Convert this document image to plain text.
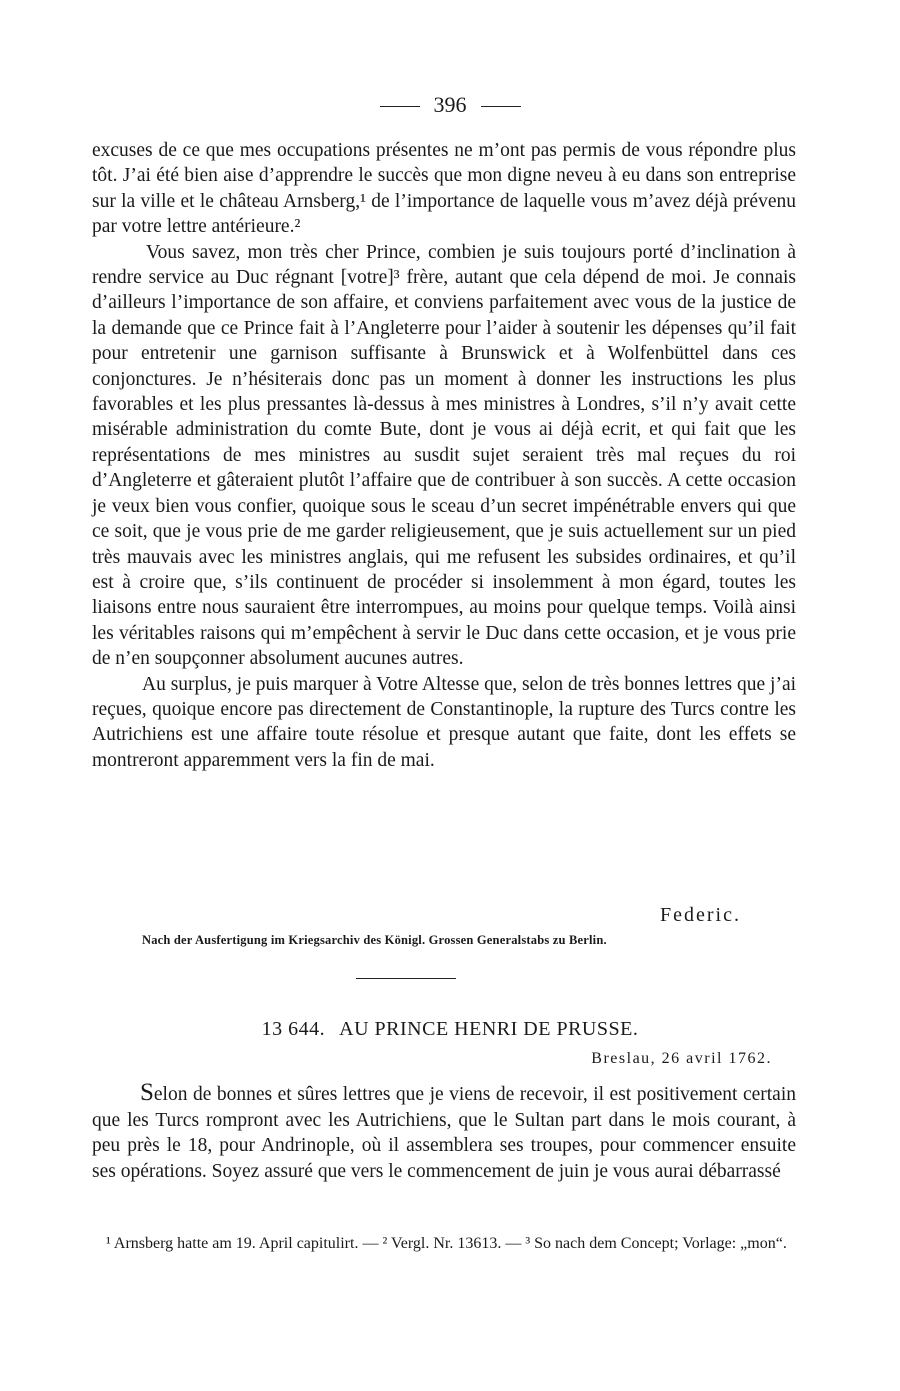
396

excuses de ce que mes occupations présentes ne m’ont pas permis de vous répondre plus tôt. J’ai été bien aise d’apprendre le succès que mon digne neveu à eu dans son entreprise sur la ville et le château Arnsberg,¹ de l’importance de laquelle vous m’avez déjà prévenu par votre lettre antérieure.²

Vous savez, mon très cher Prince, combien je suis toujours porté d’inclination à rendre service au Duc régnant [votre]³ frère, autant que cela dépend de moi. Je connais d’ailleurs l’importance de son affaire, et conviens parfaitement avec vous de la justice de la demande que ce Prince fait à l’Angleterre pour l’aider à soutenir les dépenses qu’il fait pour entretenir une garnison suffisante à Brunswick et à Wolfenbüttel dans ces conjonctures. Je n’hésiterais donc pas un moment à donner les instructions les plus favorables et les plus pressantes là-dessus à mes ministres à Londres, s’il n’y avait cette misérable administration du comte Bute, dont je vous ai déjà ecrit, et qui fait que les représentations de mes ministres au susdit sujet seraient très mal reçues du roi d’Angleterre et gâteraient plutôt l’affaire que de contribuer à son succès. A cette occasion je veux bien vous confier, quoique sous le sceau d’un secret impénétrable envers qui que ce soit, que je vous prie de me garder religieusement, que je suis actuellement sur un pied très mauvais avec les ministres anglais, qui me refusent les subsides ordinaires, et qu’il est à croire que, s’ils continuent de procéder si insolemment à mon égard, toutes les liaisons entre nous sauraient être interrompues, au moins pour quelque temps. Voilà ainsi les véritables raisons qui m’empêchent à servir le Duc dans cette occasion, et je vous prie de n’en soupçonner absolument aucunes autres.

Au surplus, je puis marquer à Votre Altesse que, selon de très bonnes lettres que j’ai reçues, quoique encore pas directement de Constantinople, la rupture des Turcs contre les Autrichiens est une affaire toute résolue et presque autant que faite, dont les effets se montreront apparemment vers la fin de mai.

Federic.
Nach der Ausfertigung im Kriegsarchiv des Königl. Grossen Generalstabs zu Berlin.
13 644. AU PRINCE HENRI DE PRUSSE.
Breslau, 26 avril 1762.

Selon de bonnes et sûres lettres que je viens de recevoir, il est positivement certain que les Turcs rompront avec les Autrichiens, que le Sultan part dans le mois courant, à peu près le 18, pour Andrinople, où il assemblera ses troupes, pour commencer ensuite ses opérations. Soyez assuré que vers le commencement de juin je vous aurai débarrassé

¹ Arnsberg hatte am 19. April capitulirt. — ² Vergl. Nr. 13613. — ³ So nach dem Concept; Vorlage: „mon“.
